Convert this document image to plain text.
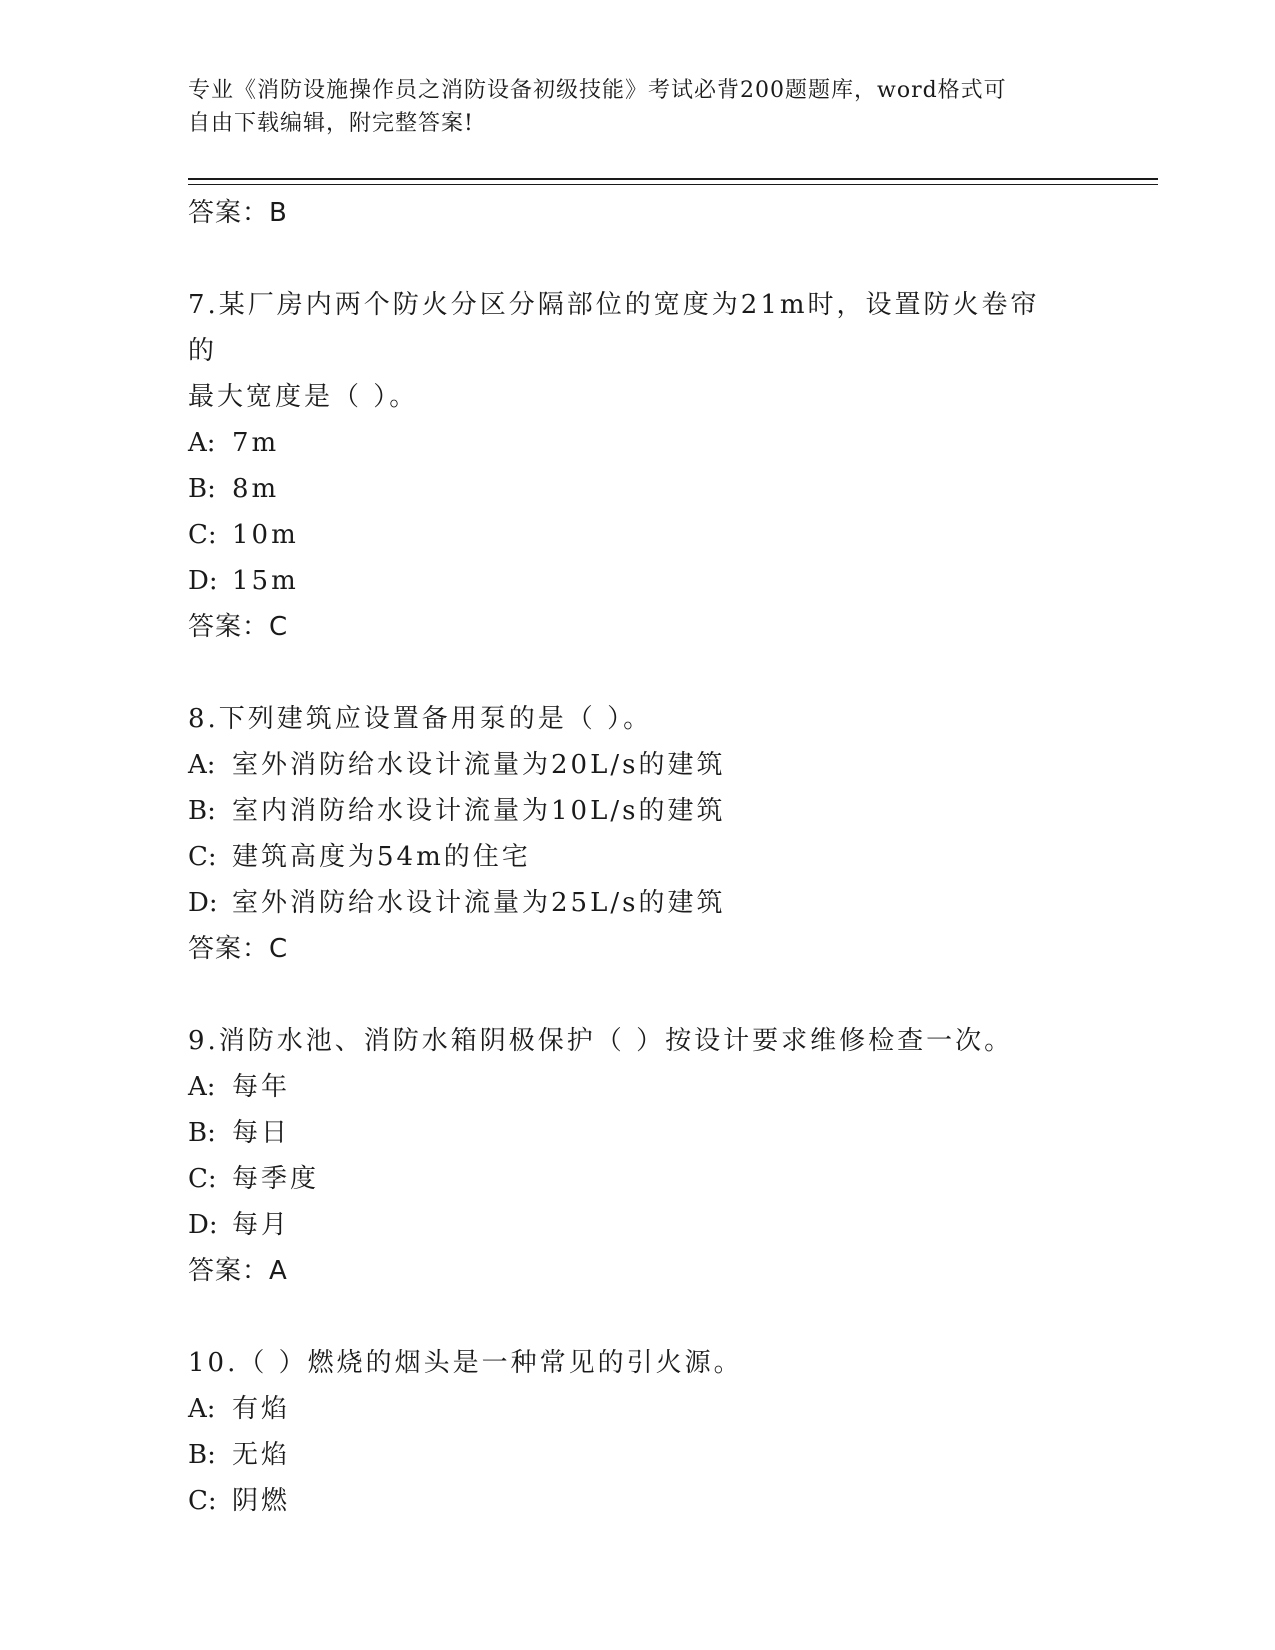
专业《消防设施操作员之消防设备初级技能》考试必背200题题库，word格式可
自由下载编辑，附完整答案!

答案：B

7.某厂房内两个防火分区分隔部位的宽度为21m时，设置防火卷帘的

最大宽度是（ ）。

A: 7m

B: 8m

C: 10m

D: 15m

答案：C

8.下列建筑应设置备用泵的是（ ）。

A: 室外消防给水设计流量为20L/s的建筑

B: 室内消防给水设计流量为10L/s的建筑

C: 建筑高度为54m的住宅

D: 室外消防给水设计流量为25L/s的建筑

答案：C

9.消防水池、消防水箱阴极保护（ ）按设计要求维修检查一次。

A: 每年

B: 每日

C: 每季度

D: 每月

答案：A

10.（ ）燃烧的烟头是一种常见的引火源。

A: 有焰

B: 无焰

C: 阴燃
